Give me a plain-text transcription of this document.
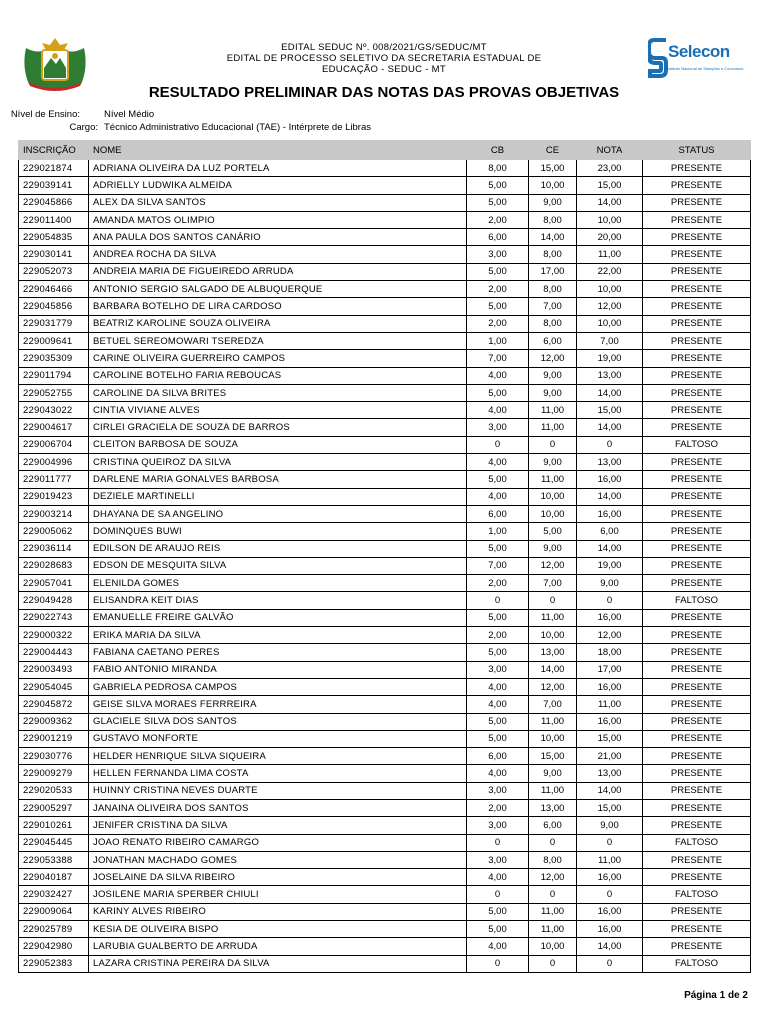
Selecon
Instituto Nacional de Seleções e Concursos
EDITAL SEDUC Nº. 008/2021/GS/SEDUC/MT
EDITAL DE PROCESSO SELETIVO DA SECRETARIA ESTADUAL DE
EDUCAÇÃO - SEDUC - MT
RESULTADO PRELIMINAR DAS NOTAS DAS PROVAS OBJETIVAS
Nível de Ensino:	Nível Médio
Cargo: Técnico Administrativo Educacional (TAE) - Intérprete de Libras
INSCRIÇÃO	NOME	CB	CE	NOTA	STATUS
229021874	ADRIANA OLIVEIRA DA LUZ PORTELA	8,00	15,00	23,00	PRESENTE
229039141	ADRIELLY LUDWIKA ALMEIDA	5,00	10,00	15,00	PRESENTE
229045866	ALEX DA SILVA SANTOS	5,00	9,00	14,00	PRESENTE
229011400	AMANDA MATOS OLIMPIO	2,00	8,00	10,00	PRESENTE
229054835	ANA PAULA DOS SANTOS CANÁRIO	6,00	14,00	20,00	PRESENTE
229030141	ANDREA ROCHA DA SILVA	3,00	8,00	11,00	PRESENTE
229052073	ANDREIA MARIA DE FIGUEIREDO ARRUDA	5,00	17,00	22,00	PRESENTE
229046466	ANTONIO SERGIO SALGADO DE ALBUQUERQUE	2,00	8,00	10,00	PRESENTE
229045856	BARBARA BOTELHO DE LIRA CARDOSO	5,00	7,00	12,00	PRESENTE
229031779	BEATRIZ KAROLINE SOUZA OLIVEIRA	2,00	8,00	10,00	PRESENTE
229009641	BETUEL SEREOMOWARI TSEREDZA	1,00	6,00	7,00	PRESENTE
229035309	CARINE OLIVEIRA GUERREIRO CAMPOS	7,00	12,00	19,00	PRESENTE
229011794	CAROLINE BOTELHO FARIA REBOUCAS	4,00	9,00	13,00	PRESENTE
229052755	CAROLINE DA SILVA BRITES	5,00	9,00	14,00	PRESENTE
229043022	CINTIA VIVIANE ALVES	4,00	11,00	15,00	PRESENTE
229004617	CIRLEI GRACIELA DE SOUZA DE BARROS	3,00	11,00	14,00	PRESENTE
229006704	CLEITON BARBOSA DE SOUZA	0	0	0	FALTOSO
229004996	CRISTINA QUEIROZ DA SILVA	4,00	9,00	13,00	PRESENTE
229011777	DARLENE MARIA GONALVES BARBOSA	5,00	11,00	16,00	PRESENTE
229019423	DEZIELE MARTINELLI	4,00	10,00	14,00	PRESENTE
229003214	DHAYANA DE SA ANGELINO	6,00	10,00	16,00	PRESENTE
229005062	DOMINQUES BUWI	1,00	5,00	6,00	PRESENTE
229036114	EDILSON DE ARAUJO REIS	5,00	9,00	14,00	PRESENTE
229028683	EDSON DE MESQUITA SILVA	7,00	12,00	19,00	PRESENTE
229057041	ELENILDA GOMES	2,00	7,00	9,00	PRESENTE
229049428	ELISANDRA KEIT DIAS	0	0	0	FALTOSO
229022743	EMANUELLE FREIRE GALVÃO	5,00	11,00	16,00	PRESENTE
229000322	ERIKA MARIA DA SILVA	2,00	10,00	12,00	PRESENTE
229004443	FABIANA CAETANO PERES	5,00	13,00	18,00	PRESENTE
229003493	FABIO ANTONIO MIRANDA	3,00	14,00	17,00	PRESENTE
229054045	GABRIELA PEDROSA CAMPOS	4,00	12,00	16,00	PRESENTE
229045872	GEISE SILVA MORAES FERRREIRA	4,00	7,00	11,00	PRESENTE
229009362	GLACIELE SILVA DOS SANTOS	5,00	11,00	16,00	PRESENTE
229001219	GUSTAVO MONFORTE	5,00	10,00	15,00	PRESENTE
229030776	HELDER HENRIQUE SILVA SIQUEIRA	6,00	15,00	21,00	PRESENTE
229009279	HELLEN FERNANDA LIMA COSTA	4,00	9,00	13,00	PRESENTE
229020533	HUINNY CRISTINA NEVES DUARTE	3,00	11,00	14,00	PRESENTE
229005297	JANAINA OLIVEIRA DOS SANTOS	2,00	13,00	15,00	PRESENTE
229010261	JENIFER CRISTINA DA SILVA	3,00	6,00	9,00	PRESENTE
229045445	JOAO RENATO RIBEIRO CAMARGO	0	0	0	FALTOSO
229053388	JONATHAN MACHADO GOMES	3,00	8,00	11,00	PRESENTE
229040187	JOSELAINE DA SILVA RIBEIRO	4,00	12,00	16,00	PRESENTE
229032427	JOSILENE MARIA SPERBER CHIULI	0	0	0	FALTOSO
229009064	KARINY ALVES RIBEIRO	5,00	11,00	16,00	PRESENTE
229025789	KESIA DE OLIVEIRA BISPO	5,00	11,00	16,00	PRESENTE
229042980	LARUBIA GUALBERTO DE ARRUDA	4,00	10,00	14,00	PRESENTE
229052383	LAZARA CRISTINA PEREIRA DA SILVA	0	0	0	FALTOSO
Página 1 de 2
